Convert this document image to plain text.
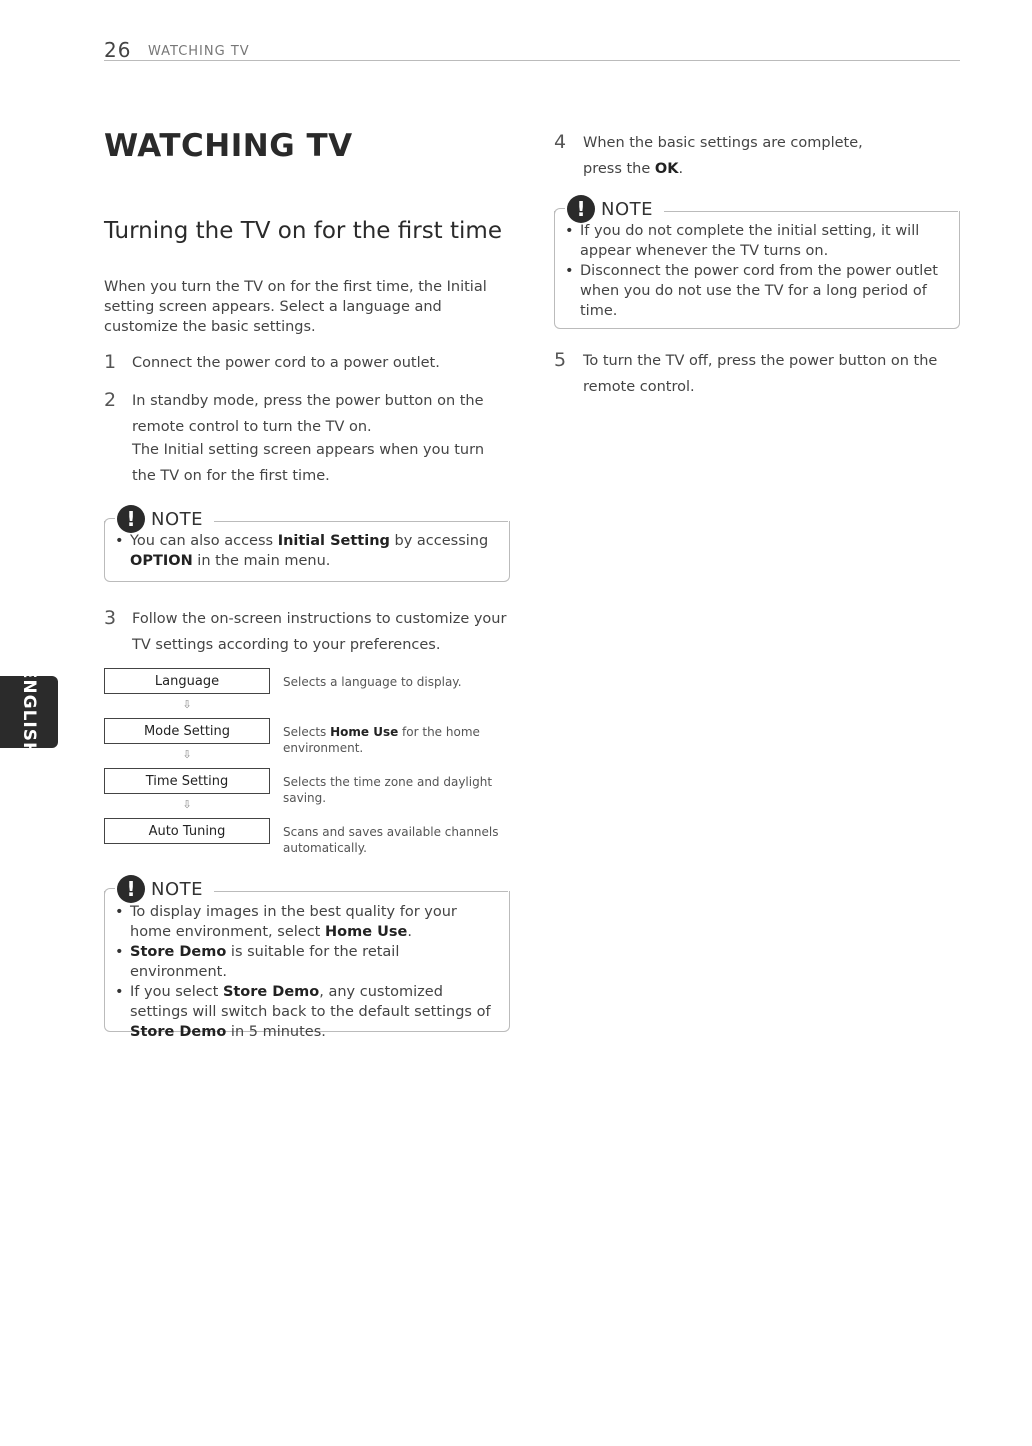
26 WATCHING TV
WATCHING TV
Turning the TV on for the first time
When you turn the TV on for the first time, the Initial setting screen appears. Select a language and customize the basic settings.
1 Connect the power cord to a power outlet.
2 In standby mode, press the power button on the remote control to turn the TV on.
The Initial setting screen appears when you turn the TV on for the first time.
! NOTE
• You can also access Initial Setting by accessing OPTION in the main menu.
3 Follow the on-screen instructions to customize your TV settings according to your preferences.
Language	Selects a language to display.
⇩
Mode Setting	Selects Home Use for the home environment.
⇩
Time Setting	Selects the time zone and daylight saving.
⇩
Auto Tuning	Scans and saves available channels automatically.
! NOTE
• To display images in the best quality for your home environment, select Home Use.
• Store Demo is suitable for the retail environment.
• If you select Store Demo, any customized settings will switch back to the default settings of Store Demo in 5 minutes.
4 When the basic settings are complete, press the OK.
! NOTE
• If you do not complete the initial setting, it will appear whenever the TV turns on.
• Disconnect the power cord from the power outlet when you do not use the TV for a long period of time.
5 To turn the TV off, press the power button on the remote control.
ENGLISH
